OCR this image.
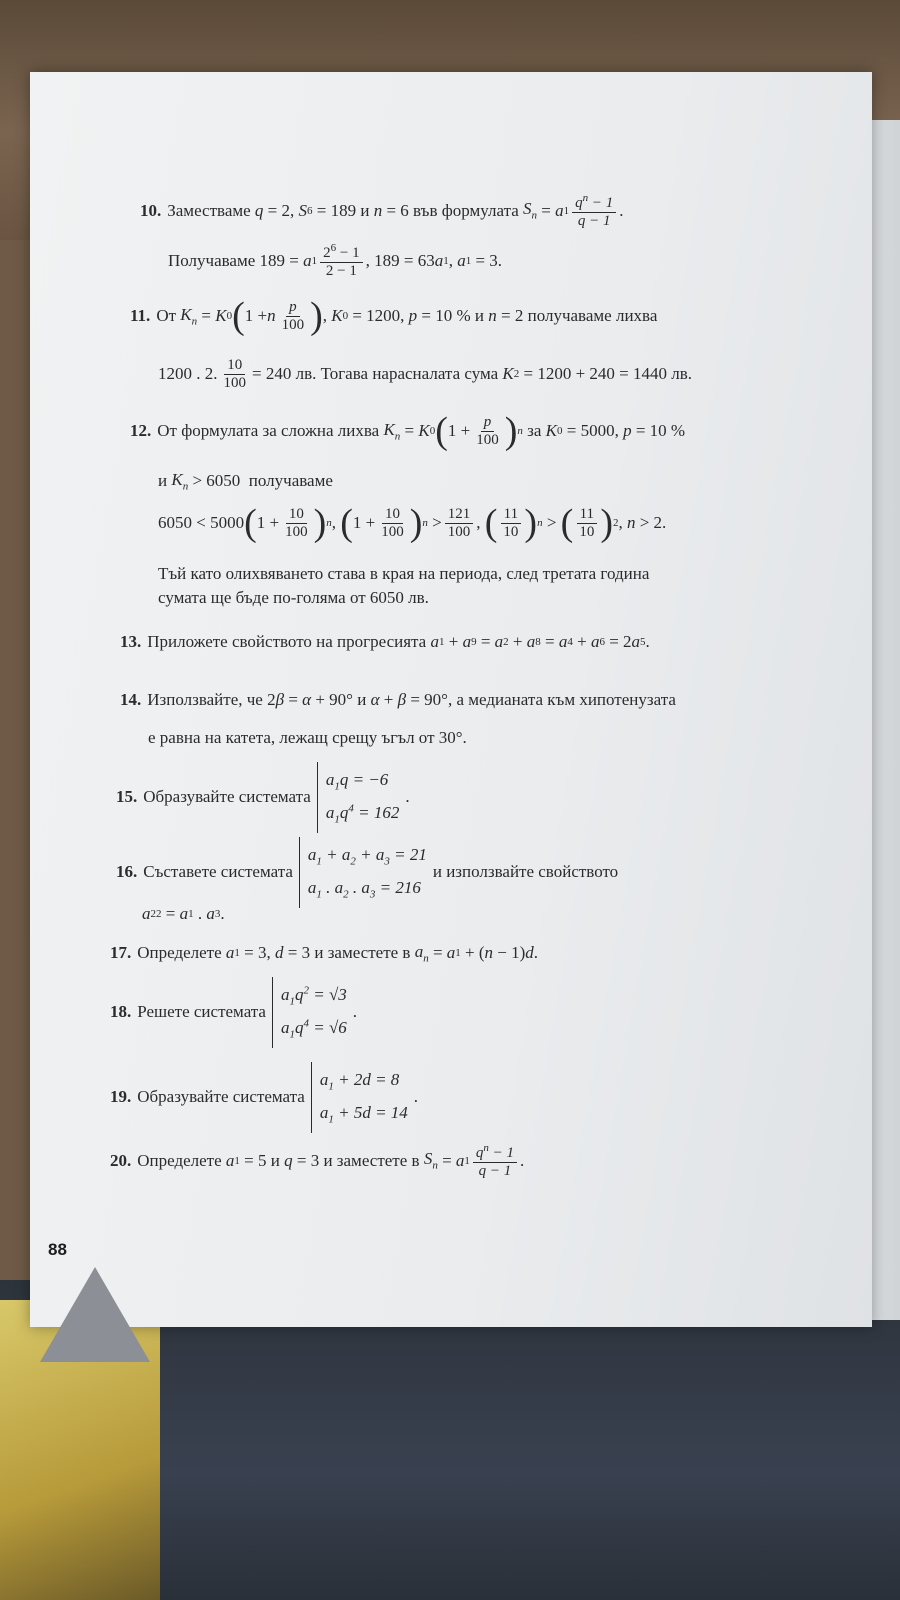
10. Заместваме
q = 2, S 6 = 189 и n = 6 във формулата
$S_n = a$ $1 \frac{q^n - 1}{q - 1}$ .
Получаваме 189 = a $1 \frac{2^6 - 1}{2 - 1}$ , 189 = 63 a 1 , a 1 = 3.
11. От
$K_n = K$ 0 ( 1 + n $\frac{p}{100}$ ) , K 0 = 1200, p = 10 % и n = 2 получаваме лихва
1200 . 2. $\frac{10}{100} = 240$ лв. Тогава нарасналата сума
K 2
= 1200 + 240 = 1440 лв.
12. От формулата за сложна лихва
$K_n = K$ 0 ( $1 + \frac{p}{100}$ ) n
за
K 0 = 5000, p = 10 %
и
$K_n > 6050$ получаваме
6050 < 5000 ( $1 + \frac{10}{100}$ ) n , ( $1 + \frac{10}{100}$ ) $n > \frac{121}{100}$ , ( $\frac{11}{10}$ ) n > ( $\frac{11}{10}$ ) 2 , n > 2.
Тъй като олихвяването става в края на периода, след третата година
сумата ще бъде по-голяма от 6050 лв.
13. Приложете свойството на прогресията
a 1 + a 9 = a 2 + a 8 = a 4 + a 6 = 2 a 5 .
14. Използвайте, че 2 β = α + 90° и α + β = 90° , а медианата към хипотенузата
е равна на катета, лежащ срещу ъгъл от 30°.
15. Образувайте системата
$a_1q = -6$
$a_1q^4 = 162$
.
16. Съставете системата
$a_1 + a_2 + a_3 = 21$
$a_1$ . $a_2$ . $a_3 = 216$
и използвайте свойството
a 2 2 = a 1 . a 3 .
17. Определете
a 1 = 3, d = 3 и заместете в
$a_n = a$ 1 + ( n − 1) d .
18. Решете системата
$a_1q^2 = √3$
$a_1q^4 = √6$
.
19. Образувайте системата
$a_1 + 2d = 8$
$a_1 + 5d = 14$
.
20. Определете
a 1 = 5 и
q = 3 и заместете в
$S_n = a$ $1 \frac{q^n - 1}{q - 1}$ .
88
